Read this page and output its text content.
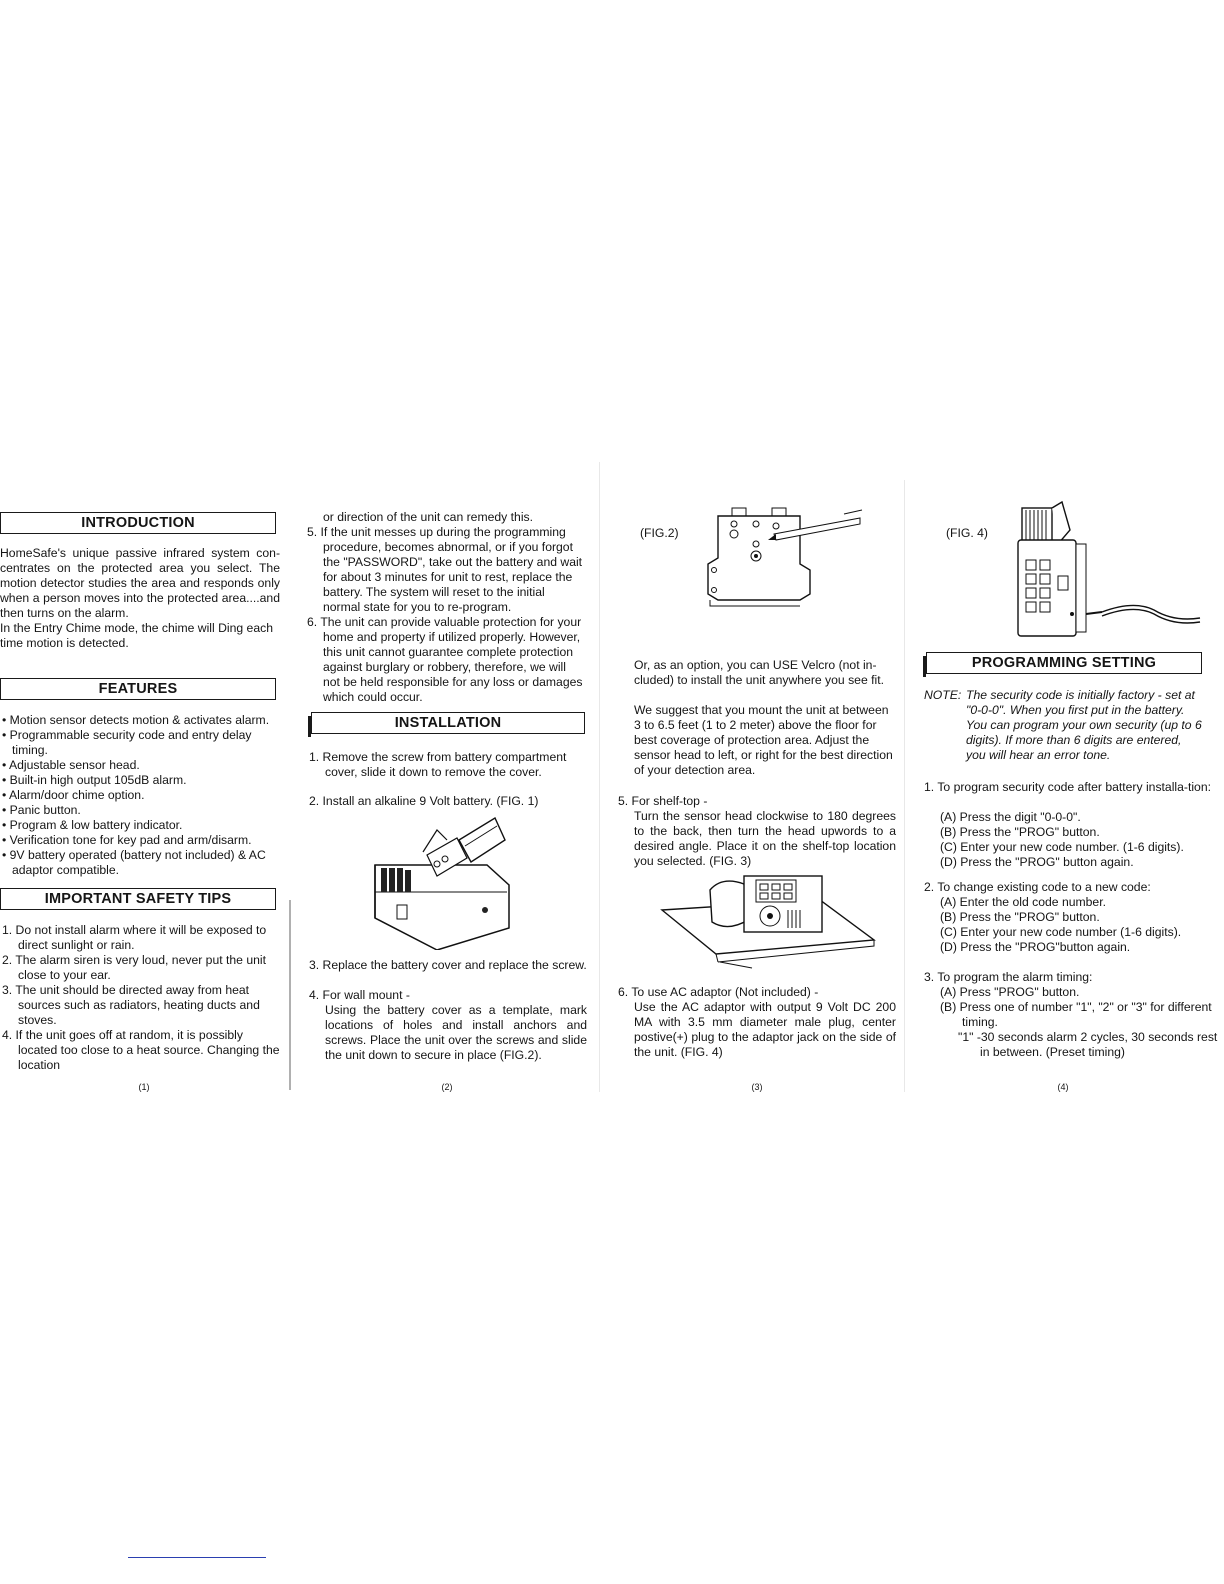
INTRODUCTION

HomeSafe's unique passive infrared system con-centrates on the protected area you select. The motion detector studies the area and responds only when a person moves into the protected area....and then turns on the alarm.

In the Entry Chime mode, the chime will Ding each time motion is detected.

FEATURES
• Motion sensor detects motion & activates alarm.
• Programmable security code and entry delay timing.
• Adjustable sensor head.
• Built-in high output 105dB alarm.
• Alarm/door chime option.
• Panic button.
• Program & low battery indicator.
• Verification tone for key pad and arm/disarm.
• 9V battery operated (battery not included) & AC adaptor compatible.
IMPORTANT SAFETY TIPS
1. Do not install alarm where it will be exposed to direct sunlight or rain.
2. The alarm siren is very loud, never put the unit close to your ear.
3. The unit should be directed away from heat sources such as radiators, heating ducts and stoves.
4. If the unit goes off at random, it is possibly located too close to a heat source. Changing the location
(1)

or direction of the unit can remedy this.

5. If the unit messes up during the programming procedure, becomes abnormal, or if you forgot the "PASSWORD", take out the battery and wait for about 3 minutes for unit to rest, replace the battery. The system will reset to the initial normal state for you to re-program.
6. The unit can provide valuable protection for your home and property if utilized properly. However, this unit cannot guarantee complete protection against burglary or robbery, therefore, we will not be held responsible for any loss or damages which could occur.
INSTALLATION

1. Remove the screw from battery compartment cover, slide it down to remove the cover.

2. Install an alkaline 9 Volt battery. (FIG. 1)

3. Replace the battery cover and replace the screw.

4. For wall mount -

Using the battery cover as a template, mark locations of holes and install anchors and screws. Place the unit over the screws and slide the unit down to secure in place (FIG.2).

(2)

(FIG.2)

Or, as an option, you can USE Velcro (not in-cluded) to install the unit anywhere you see fit.

We suggest that you mount the unit at between 3 to 6.5 feet (1 to 2 meter) above the floor for best coverage of protection area. Adjust the sensor head to left, or right for the best direction of your detection area.

5. For shelf-top -

Turn the sensor head clockwise to 180 degrees to the back, then turn the head upwords to a desired angle. Place it on the shelf-top location you selected. (FIG. 3)

6. To use AC adaptor (Not included) -

Use the AC adaptor with output 9 Volt DC 200 MA with 3.5 mm diameter male plug, center postive(+) plug to the adaptor jack on the side of the unit. (FIG. 4)

(3)

(FIG. 4)

PROGRAMMING SETTING
NOTE: The security code is initially factory - set at "0-0-0". When you first put in the battery. You can program your own security (up to 6 digits). If more than 6 digits are entered, you will hear an error tone.

1. To program security code after battery installa-tion:

(A) Press the digit "0-0-0".

(B) Press the "PROG" button.

(C) Enter your new code number. (1-6 digits).

(D) Press the "PROG" button again.

2. To change existing code to a new code:

(A) Enter the old code number.

(B) Press the "PROG" button.

(C) Enter your new code number (1-6 digits).

(D) Press the "PROG"button again.

3. To program the alarm timing:

(A) Press "PROG" button.

(B) Press one of number "1", "2" or "3" for different timing.

"1" -30 seconds alarm 2 cycles, 30 seconds rest in between. (Preset timing)

(4)
